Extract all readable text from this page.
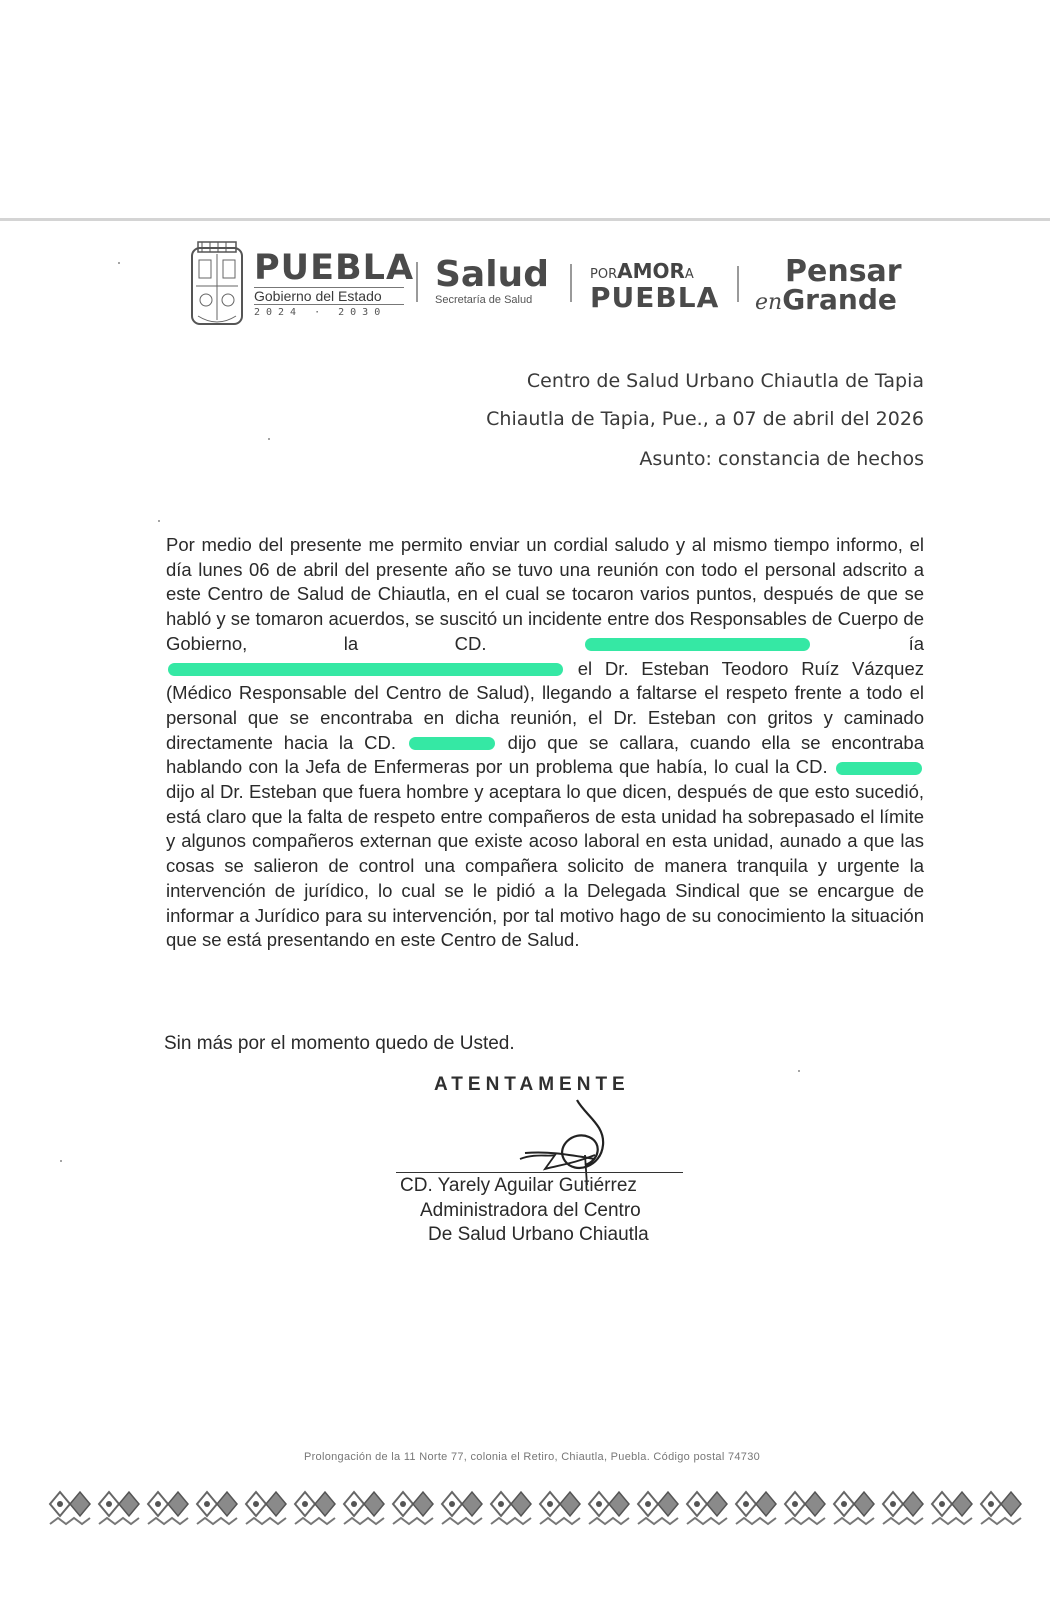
PUEBLA
Gobierno del Estado
2024 · 2030
Salud
Secretaría de Salud
PORAMORA
PUEBLA
Pensar
enGrande
Centro de Salud Urbano Chiautla de Tapia
Chiautla de Tapia, Pue., a 07 de abril del 2026
Asunto: constancia de hechos
Por medio del presente me permito enviar un cordial saludo y al mismo tiempo informo, el día lunes 06 de abril del presente año se tuvo una reunión con todo el personal adscrito a este Centro de Salud de Chiautla, en el cual se tocaron varios puntos, después de que se habló y se tomaron acuerdos, se suscitó un incidente entre dos Responsables de Cuerpo de Gobierno, la CD.	ía  el Dr. Esteban Teodoro Ruíz Vázquez (Médico Responsable del Centro de Salud), llegando a faltarse el respeto frente a todo el personal que se encontraba en dicha reunión, el Dr. Esteban con gritos y caminado directamente hacia la CD.	dijo que se callara, cuando ella se encontraba hablando con la Jefa de Enfermeras por un problema que había, lo cual la CD.  dijo al Dr. Esteban que fuera hombre y aceptara lo que dicen, después de que esto sucedió, está claro que la falta de respeto entre compañeros de esta unidad ha sobrepasado el límite y algunos compañeros externan que existe acoso laboral en esta unidad, aunado a que las cosas se salieron de control una compañera solicito de manera tranquila y urgente la intervención de jurídico, lo cual se le pidió a la Delegada Sindical que se encargue de informar a Jurídico para su intervención, por tal motivo hago de su conocimiento la situación que se está presentando en este Centro de Salud.
Sin más por el momento quedo de Usted.
ATENTAMENTE
CD. Yarely Aguilar Gutiérrez
Administradora del Centro
De Salud Urbano Chiautla
Prolongación de la 11 Norte 77, colonia el Retiro, Chiautla, Puebla. Código postal 74730
